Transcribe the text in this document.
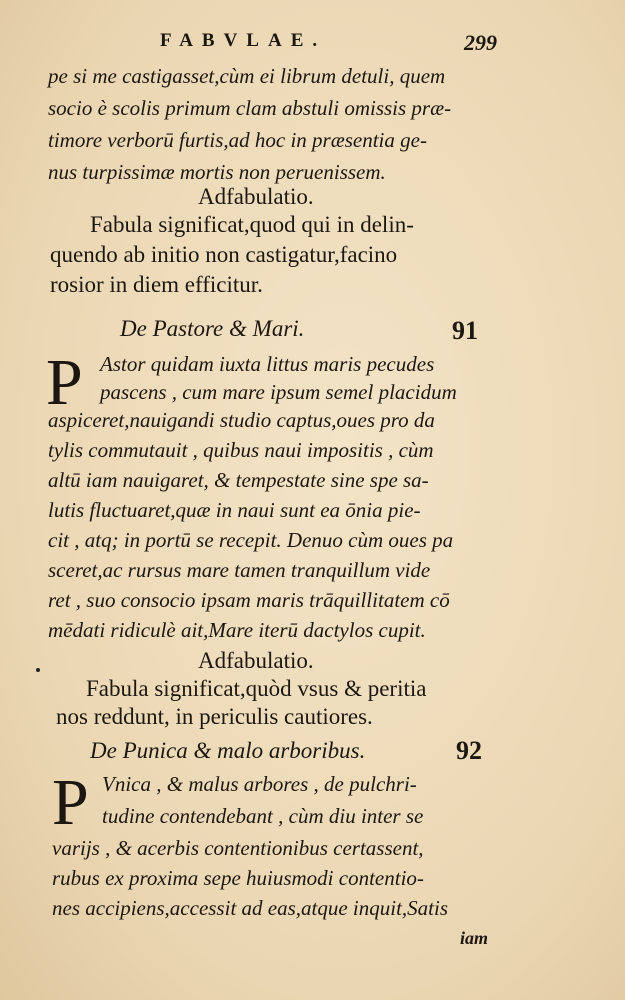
FABVLAE.	299
pe si me castigasset,cùm ei librum detuli, quem
socio è scolis primum clam abstuli omissis præ-
timore verborū furtis,ad hoc in præsentia ge-
nus turpissimæ mortis non peruenissem.
Adfabulatio.
Fabula significat,quod qui in delin-
quendo ab initio non castigatur,facino
rosior in diem efficitur.
De Pastore & Mari.	91
P Astor quidam iuxta littus maris pecudes
pascens , cum mare ipsum semel placidum
aspiceret,nauigandi studio captus,oues pro da
tylis commutauit , quibus naui impositis , cùm
altū iam nauigaret, & tempestate sine spe sa-
lutis fluctuaret,quæ in naui sunt ea ōnia pie-
cit , atq; in portū se recepit. Denuo cùm oues pa
sceret,ac rursus mare tamen tranquillum vide
ret , suo consocio ipsam maris trāquillitatem cō
mēdati ridiculè ait,Mare iterū dactylos cupit.
Adfabulatio.
Fabula significat,quòd vsus & peritia
nos reddunt, in periculis cautiores.
De Punica & malo arboribus.	92
P Vnica , & malus arbores , de pulchri-
tudine contendebant , cùm diu inter se
varijs , & acerbis contentionibus certassent,
rubus ex proxima sepe huiusmodi contentio-
nes accipiens,accessit ad eas,atque inquit,Satis
iam
